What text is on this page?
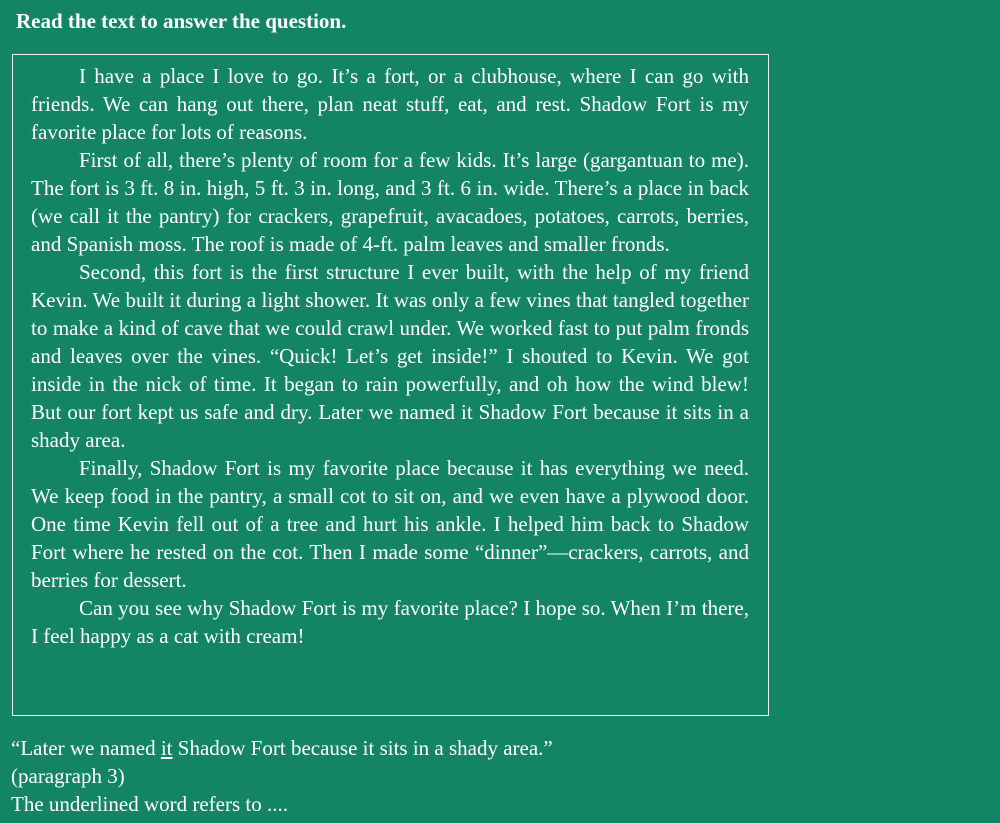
Read the text to answer the question.

I have a place I love to go. It’s a fort, or a clubhouse, where I can go with friends. We can hang out there, plan neat stuff, eat, and rest. Shadow Fort is my favorite place for lots of reasons.

First of all, there’s plenty of room for a few kids. It’s large (gargantuan to me). The fort is 3 ft. 8 in. high, 5 ft. 3 in. long, and 3 ft. 6 in. wide. There’s a place in back (we call it the pantry) for crackers, grapefruit, avacadoes, potatoes, carrots, berries, and Spanish moss. The roof is made of 4-ft. palm leaves and smaller fronds.

Second, this fort is the first structure I ever built, with the help of my friend Kevin. We built it during a light shower. It was only a few vines that tangled together to make a kind of cave that we could crawl under. We worked fast to put palm fronds and leaves over the vines. “Quick! Let’s get inside!” I shouted to Kevin. We got inside in the nick of time. It began to rain powerfully, and oh how the wind blew! But our fort kept us safe and dry. Later we named it Shadow Fort because it sits in a shady area.

Finally, Shadow Fort is my favorite place because it has everything we need. We keep food in the pantry, a small cot to sit on, and we even have a plywood door. One time Kevin fell out of a tree and hurt his ankle. I helped him back to Shadow Fort where he rested on the cot. Then I made some “dinner”—crackers, carrots, and berries for dessert.

Can you see why Shadow Fort is my favorite place? I hope so. When I’m there, I feel happy as a cat with cream!

“Later we named it Shadow Fort because it sits in a shady area.”
(paragraph 3)
The underlined word refers to ....
